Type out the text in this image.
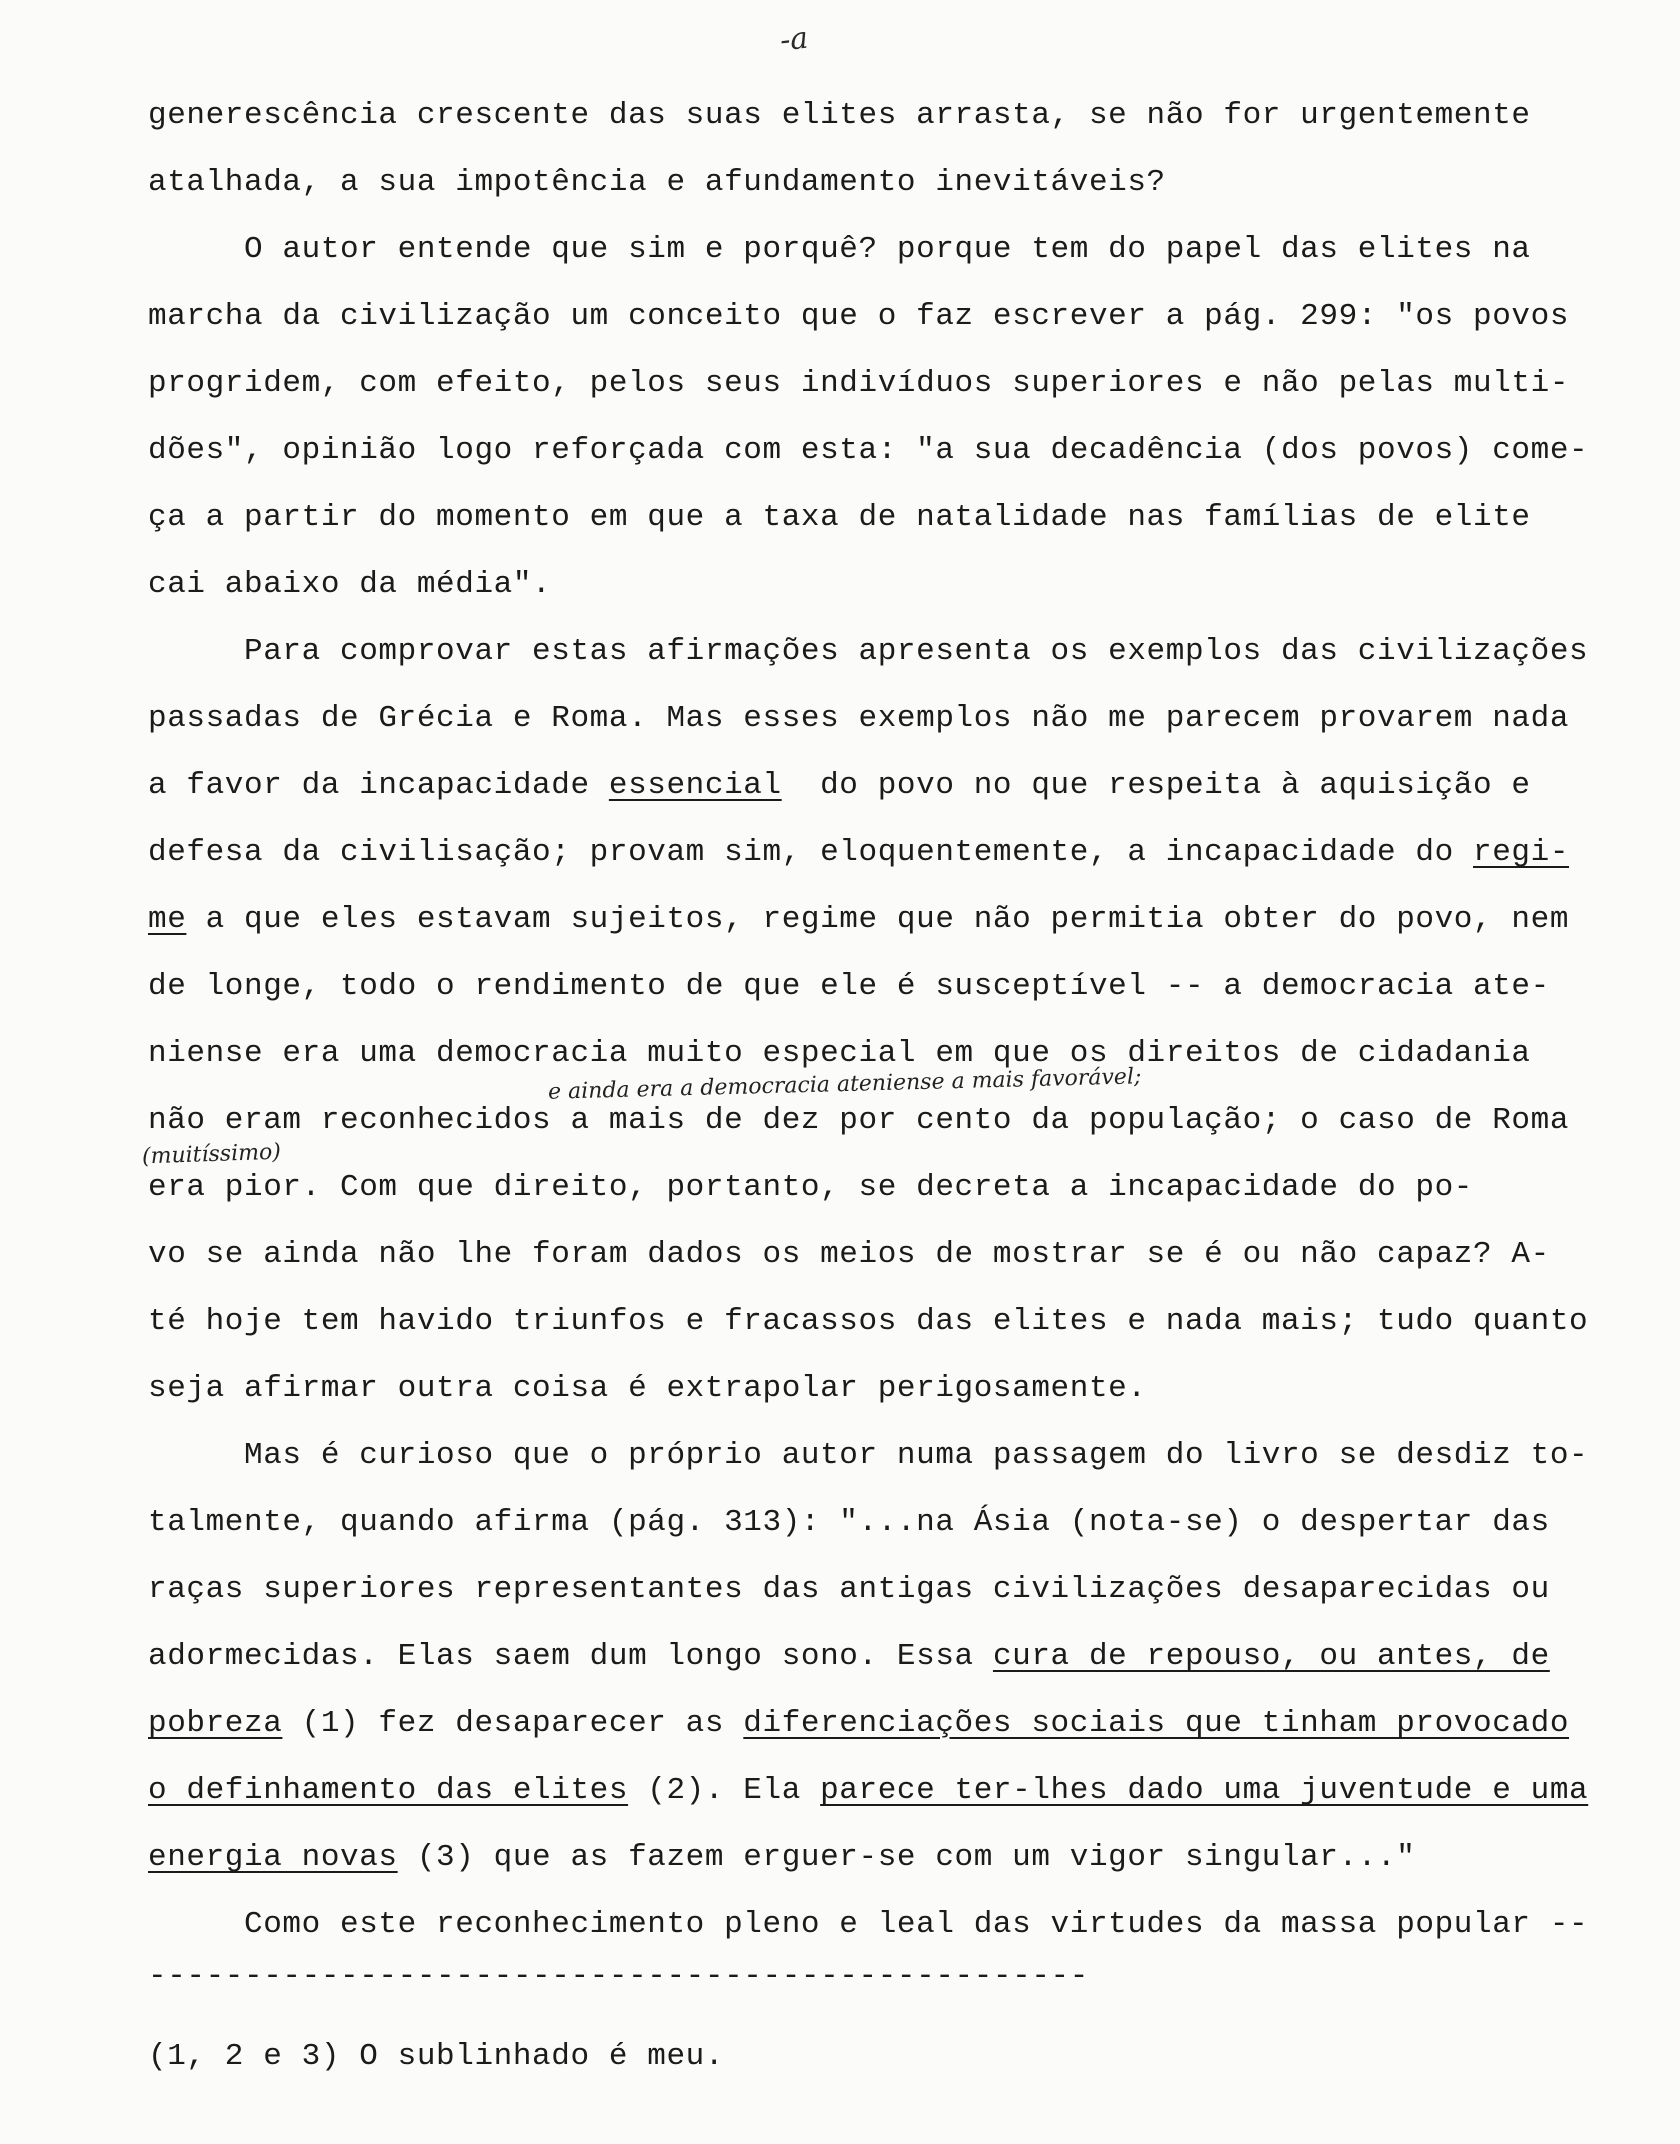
-a
generescência crescente das suas elites arrasta, se não for urgentemente
atalhada, a sua impotência e afundamento inevitáveis?
O autor entende que sim e porquê? porque tem do papel das elites na
marcha da civilização um conceito que o faz escrever a pág. 299: "os povos
progridem, com efeito, pelos seus indivíduos superiores e não pelas multi-
dões", opinião logo reforçada com esta: "a sua decadência (dos povos) come-
ça a partir do momento em que a taxa de natalidade nas famílias de elite
cai abaixo da média".
Para comprovar estas afirmações apresenta os exemplos das civilizações
passadas de Grécia e Roma. Mas esses exemplos não me parecem provarem nada
a favor da incapacidade essencial  do povo no que respeita à aquisição e
defesa da civilisação; provam sim, eloquentemente, a incapacidade do regi-
me a que eles estavam sujeitos, regime que não permitia obter do povo, nem
de longe, todo o rendimento de que ele é susceptível -- a democracia ate-
niense era uma democracia muito especial em que os direitos de cidadania
e ainda era a democracia ateniense a mais favorável;
não eram reconhecidos a mais de dez por cento da população; o caso de Roma
(muitíssimo)
era pior. Com que direito, portanto, se decreta a incapacidade do po-
vo se ainda não lhe foram dados os meios de mostrar se é ou não capaz? A-
té hoje tem havido triunfos e fracassos das elites e nada mais; tudo quanto
seja afirmar outra coisa é extrapolar perigosamente.
Mas é curioso que o próprio autor numa passagem do livro se desdiz to-
talmente, quando afirma (pág. 313): "...na Ásia (nota-se) o despertar das
raças superiores representantes das antigas civilizações desaparecidas ou
adormecidas. Elas saem dum longo sono. Essa cura de repouso, ou antes, de
pobreza (1) fez desaparecer as diferenciações sociais que tinham provocado
o definhamento das elites (2). Ela parece ter-lhes dado uma juventude e uma
energia novas (3) que as fazem erguer-se com um vigor singular..."
Como este reconhecimento pleno e leal das virtudes da massa popular --
-------------------------------------------------
(1, 2 e 3) O sublinhado é meu.
